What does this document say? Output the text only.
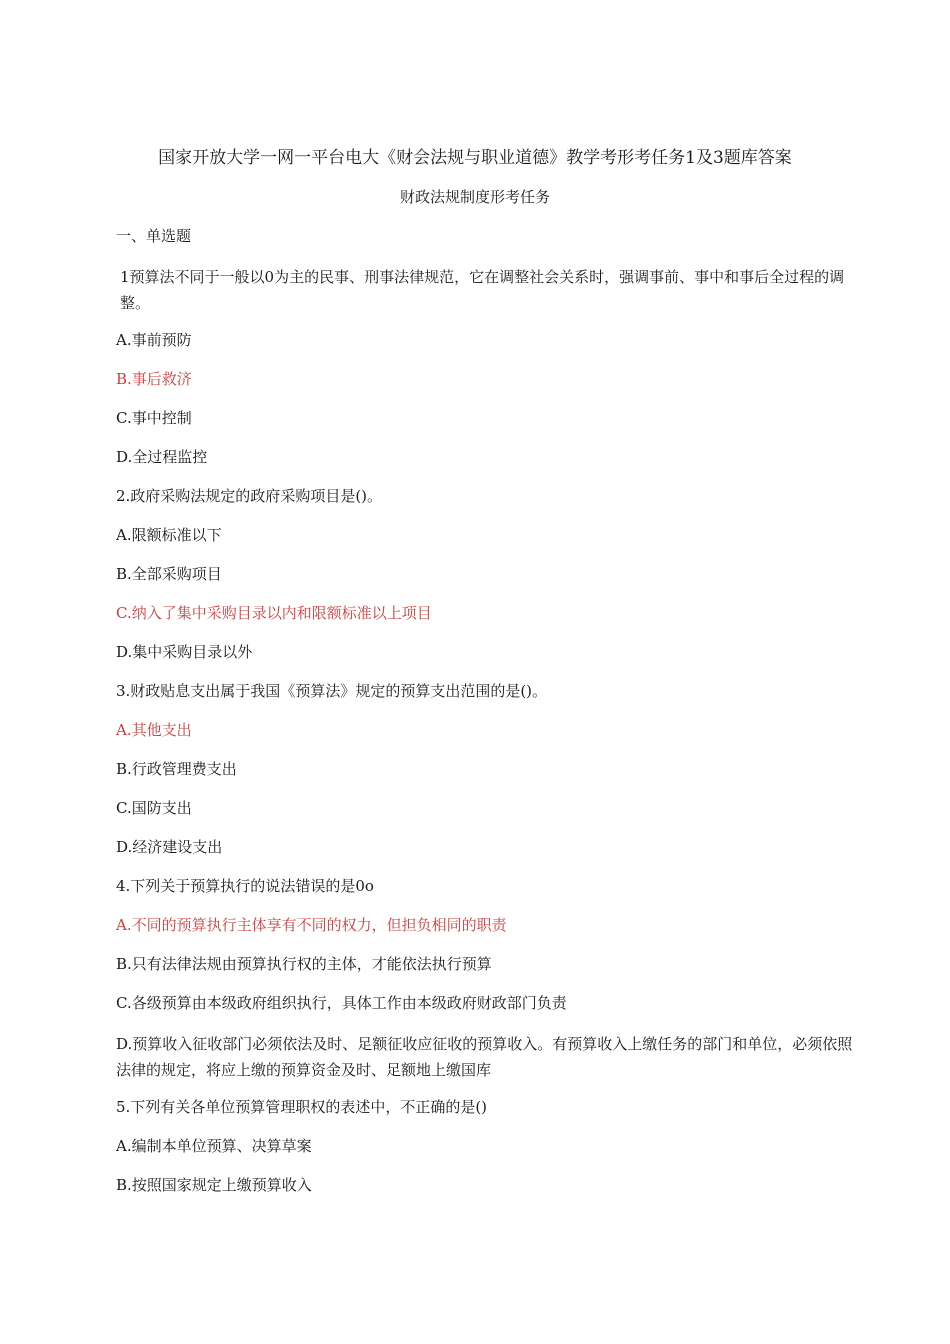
国家开放大学一网一平台电大《财会法规与职业道德》教学考形考任务1及3题库答案
财政法规制度形考任务
一、单选题
1预算法不同于一般以0为主的民事、刑事法律规范，它在调整社会关系时，强调事前、事中和事后全过程的调整。
A.事前预防
B.事后救济
C.事中控制
D.全过程监控
2.政府采购法规定的政府采购项目是()。
A.限额标准以下
B.全部采购项目
C.纳入了集中采购目录以内和限额标准以上项目
D.集中采购目录以外
3.财政贴息支出属于我国《预算法》规定的预算支出范围的是()。
A.其他支出
B.行政管理费支出
C.国防支出
D.经济建设支出
4.下列关于预算执行的说法错误的是0o
A.不同的预算执行主体享有不同的权力，但担负相同的职责
B.只有法律法规由预算执行权的主体，才能依法执行预算
C.各级预算由本级政府组织执行，具体工作由本级政府财政部门负责
D.预算收入征收部门必须依法及时、足额征收应征收的预算收入。有预算收入上缴任务的部门和单位，必须依照法律的规定，将应上缴的预算资金及时、足额地上缴国库
5.下列有关各单位预算管理职权的表述中，不正确的是()
A.编制本单位预算、决算草案
B.按照国家规定上缴预算收入
